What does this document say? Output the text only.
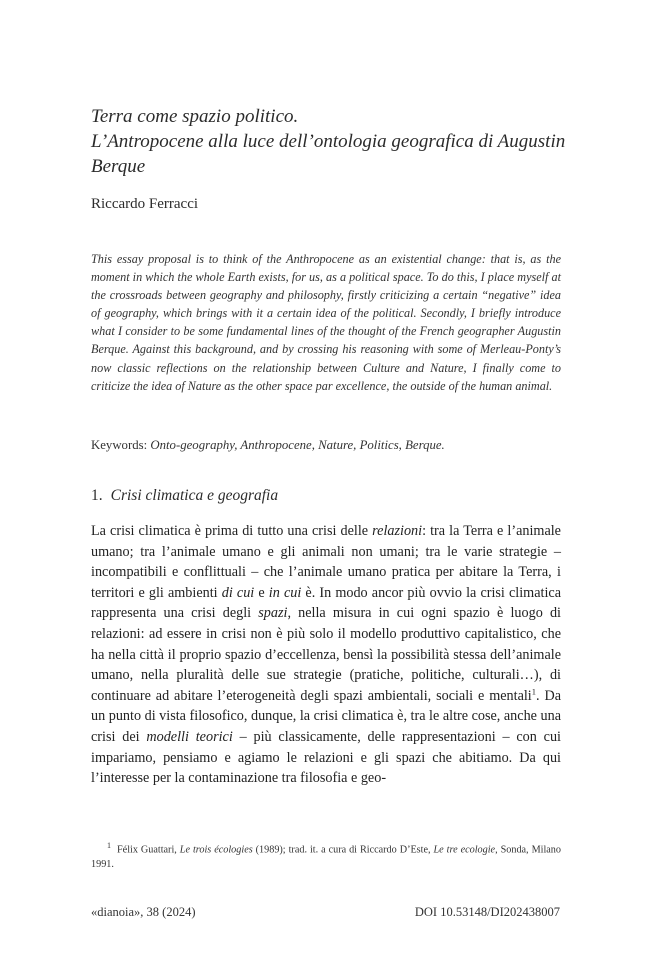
Terra come spazio politico.
L’Antropocene alla luce dell’ontologia geografica di Augustin Berque
Riccardo Ferracci
This essay proposal is to think of the Anthropocene as an existential change: that is, as the moment in which the whole Earth exists, for us, as a political space. To do this, I place myself at the crossroads between geography and philosophy, firstly criticizing a certain “negative” idea of geography, which brings with it a certain idea of the political. Secondly, I briefly introduce what I consider to be some fundamental lines of the thought of the French geographer Augustin Berque. Against this background, and by crossing his reasoning with some of Merleau-Ponty’s now classic reflections on the relationship between Culture and Nature, I finally come to criticize the idea of Nature as the other space par excellence, the outside of the human animal.
Keywords: Onto-geography, Anthropocene, Nature, Politics, Berque.
1. Crisi climatica e geografia
La crisi climatica è prima di tutto una crisi delle relazioni: tra la Terra e l’animale umano; tra l’animale umano e gli animali non umani; tra le varie strategie – incompatibili e conflittuali – che l’animale umano pratica per abitare la Terra, i territori e gli ambienti di cui e in cui è. In modo ancor più ovvio la crisi climatica rappresenta una crisi degli spazi, nella misura in cui ogni spazio è luogo di relazioni: ad essere in crisi non è più solo il modello produttivo capitalistico, che ha nella città il proprio spazio d’eccellenza, bensì la possibilità stessa dell’animale umano, nella pluralità delle sue strategie (pratiche, politiche, culturali…), di continuare ad abitare l’eterogeneità degli spazi ambientali, sociali e mentali$^1$. Da un punto di vista filosofico, dunque, la crisi climatica è, tra le altre cose, anche una crisi dei modelli teorici – più classicamente, delle rappresentazioni – con cui impariamo, pensiamo e agiamo le relazioni e gli spazi che abitiamo. Da qui l’interesse per la contaminazione tra filosofia e geo-
$^1$ Félix Guattari, Le trois écologies (1989); trad. it. a cura di Riccardo D’Este, Le tre ecologie, Sonda, Milano 1991.
«dianoia», 38 (2024)	DOI 10.53148/DI202438007
